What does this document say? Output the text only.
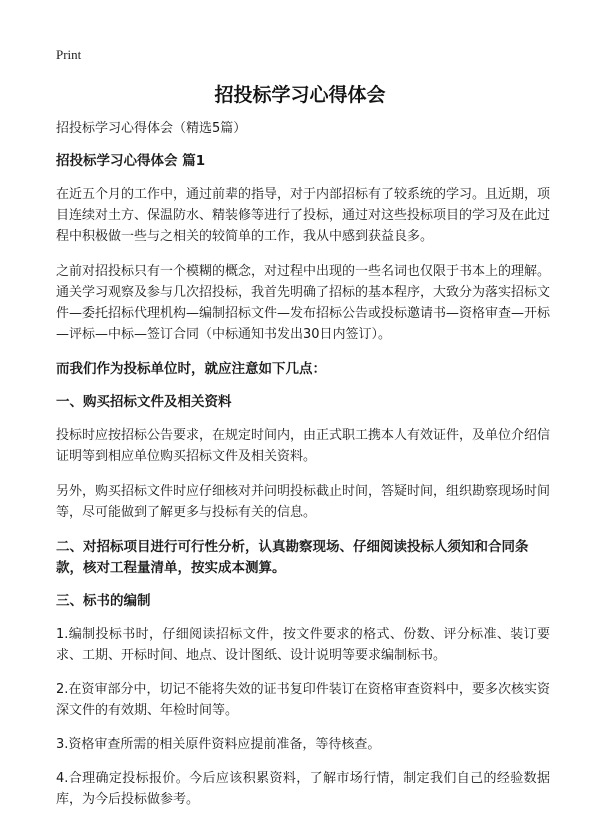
Print
招投标学习心得体会
招投标学习心得体会（精选5篇）
招投标学习心得体会 篇1
在近五个月的工作中，通过前辈的指导，对于内部招标有了较系统的学习。且近期，项目连续对土方、保温防水、精装修等进行了投标，通过对这些投标项目的学习及在此过程中积极做一些与之相关的较简单的工作，我从中感到获益良多。
之前对招投标只有一个模糊的概念，对过程中出现的一些名词也仅限于书本上的理解。通关学习观察及参与几次招投标，我首先明确了招标的基本程序，大致分为落实招标文件—委托招标代理机构—编制招标文件—发布招标公告或投标邀请书—资格审查—开标—评标—中标—签订合同（中标通知书发出30日内签订）。
而我们作为投标单位时，就应注意如下几点：
一、购买招标文件及相关资料
投标时应按招标公告要求，在规定时间内，由正式职工携本人有效证件，及单位介绍信证明等到相应单位购买招标文件及相关资料。
另外，购买招标文件时应仔细核对并问明投标截止时间，答疑时间，组织勘察现场时间等，尽可能做到了解更多与投标有关的信息。
二、对招标项目进行可行性分析，认真勘察现场、仔细阅读投标人须知和合同条款，核对工程量清单，按实成本测算。
三、标书的编制
1.编制投标书时，仔细阅读招标文件，按文件要求的格式、份数、评分标准、装订要求、工期、开标时间、地点、设计图纸、设计说明等要求编制标书。
2.在资审部分中，切记不能将失效的证书复印件装订在资格审查资料中，要多次核实资深文件的有效期、年检时间等。
3.资格审查所需的相关原件资料应提前准备，等待核查。
4.合理确定投标报价。今后应该积累资料，了解市场行情，制定我们自己的经验数据库，为今后投标做参考。
